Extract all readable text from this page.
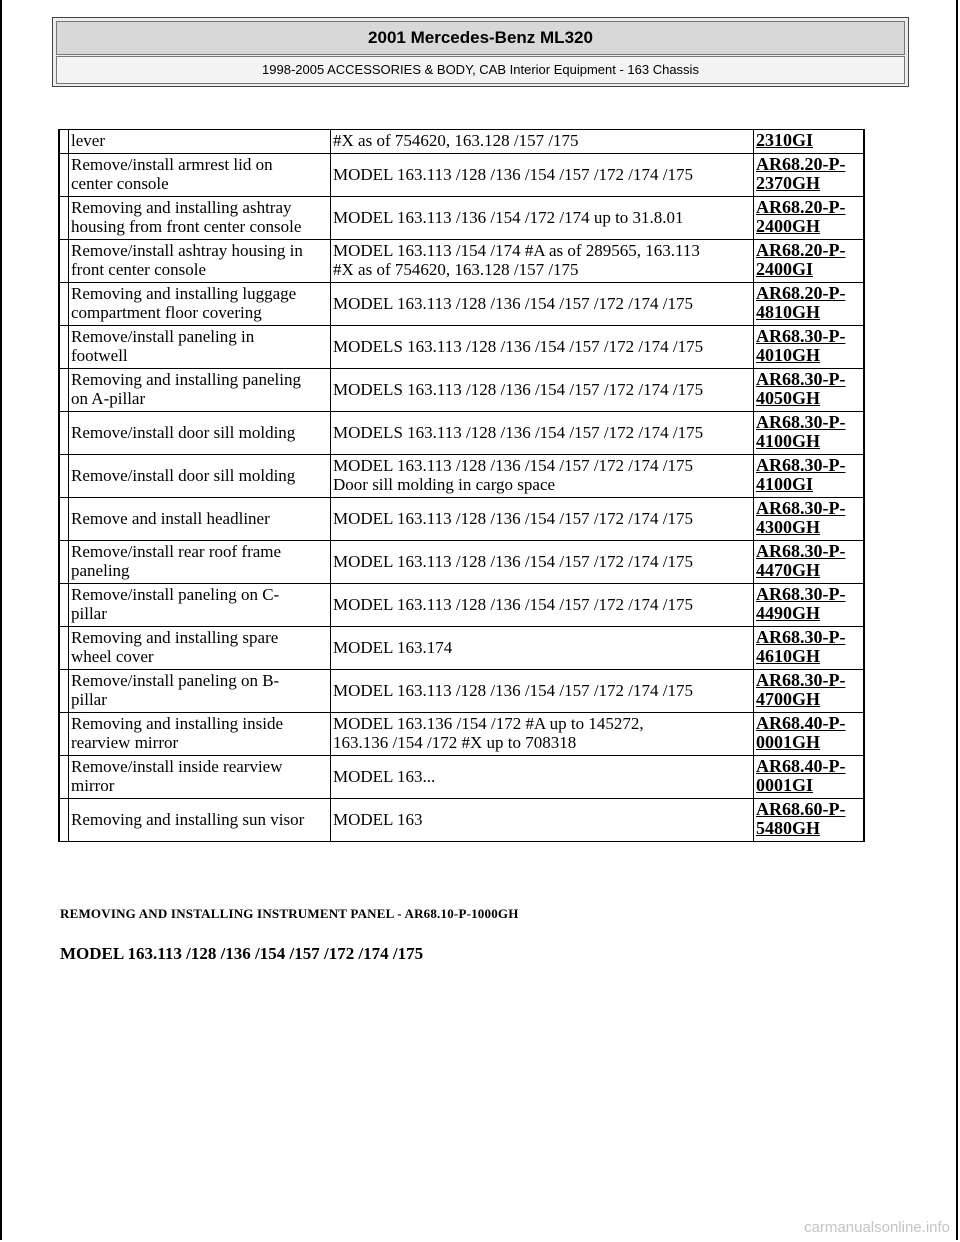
2001 Mercedes-Benz ML320
1998-2005 ACCESSORIES & BODY, CAB Interior Equipment - 163 Chassis
	lever	#X as of 754620, 163.128 /157 /175	2310GI
	Remove/install armrest lid on
center console	MODEL 163.113 /128 /136 /154 /157 /172 /174 /175	AR68.20-P-
2370GH
	Removing and installing ashtray
housing from front center console	MODEL 163.113 /136 /154 /172 /174 up to 31.8.01	AR68.20-P-
2400GH
	Remove/install ashtray housing in
front center console	MODEL 163.113 /154 /174 #A as of 289565, 163.113
#X as of 754620, 163.128 /157 /175	AR68.20-P-
2400GI
	Removing and installing luggage
compartment floor covering	MODEL 163.113 /128 /136 /154 /157 /172 /174 /175	AR68.20-P-
4810GH
	Remove/install paneling in
footwell	MODELS 163.113 /128 /136 /154 /157 /172 /174 /175	AR68.30-P-
4010GH
	Removing and installing paneling
on A-pillar	MODELS 163.113 /128 /136 /154 /157 /172 /174 /175	AR68.30-P-
4050GH
	Remove/install door sill molding	MODELS 163.113 /128 /136 /154 /157 /172 /174 /175	AR68.30-P-
4100GH
	Remove/install door sill molding	MODEL 163.113 /128 /136 /154 /157 /172 /174 /175
Door sill molding in cargo space	AR68.30-P-
4100GI
	Remove and install headliner	MODEL 163.113 /128 /136 /154 /157 /172 /174 /175	AR68.30-P-
4300GH
	Remove/install rear roof frame
paneling	MODEL 163.113 /128 /136 /154 /157 /172 /174 /175	AR68.30-P-
4470GH
	Remove/install paneling on C-
pillar	MODEL 163.113 /128 /136 /154 /157 /172 /174 /175	AR68.30-P-
4490GH
	Removing and installing spare
wheel cover	MODEL 163.174	AR68.30-P-
4610GH
	Remove/install paneling on B-
pillar	MODEL 163.113 /128 /136 /154 /157 /172 /174 /175	AR68.30-P-
4700GH
	Removing and installing inside
rearview mirror	MODEL 163.136 /154 /172 #A up to 145272,
163.136 /154 /172 #X up to 708318	AR68.40-P-
0001GH
	Remove/install inside rearview
mirror	MODEL 163...	AR68.40-P-
0001GI
	Removing and installing sun visor	MODEL 163	AR68.60-P-
5480GH
REMOVING AND INSTALLING INSTRUMENT PANEL - AR68.10-P-1000GH
MODEL 163.113 /128 /136 /154 /157 /172 /174 /175
carmanualsonline.info
